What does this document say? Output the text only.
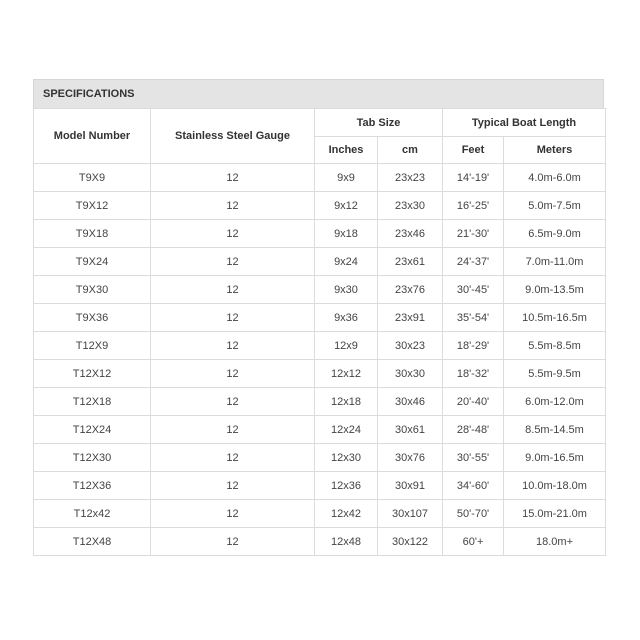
SPECIFICATIONS
Model Number	Stainless Steel Gauge	Tab Size		Typical Boat Length	
		Inches	cm	Feet	Meters
T9X9	12	9x9	23x23	14'-19'	4.0m-6.0m
T9X12	12	9x12	23x30	16'-25'	5.0m-7.5m
T9X18	12	9x18	23x46	21'-30'	6.5m-9.0m
T9X24	12	9x24	23x61	24'-37'	7.0m-11.0m
T9X30	12	9x30	23x76	30'-45'	9.0m-13.5m
T9X36	12	9x36	23x91	35'-54'	10.5m-16.5m
T12X9	12	12x9	30x23	18'-29'	5.5m-8.5m
T12X12	12	12x12	30x30	18'-32'	5.5m-9.5m
T12X18	12	12x18	30x46	20'-40'	6.0m-12.0m
T12X24	12	12x24	30x61	28'-48'	8.5m-14.5m
T12X30	12	12x30	30x76	30'-55'	9.0m-16.5m
T12X36	12	12x36	30x91	34'-60'	10.0m-18.0m
T12x42	12	12x42	30x107	50'-70'	15.0m-21.0m
T12X48	12	12x48	30x122	60'+	18.0m+
